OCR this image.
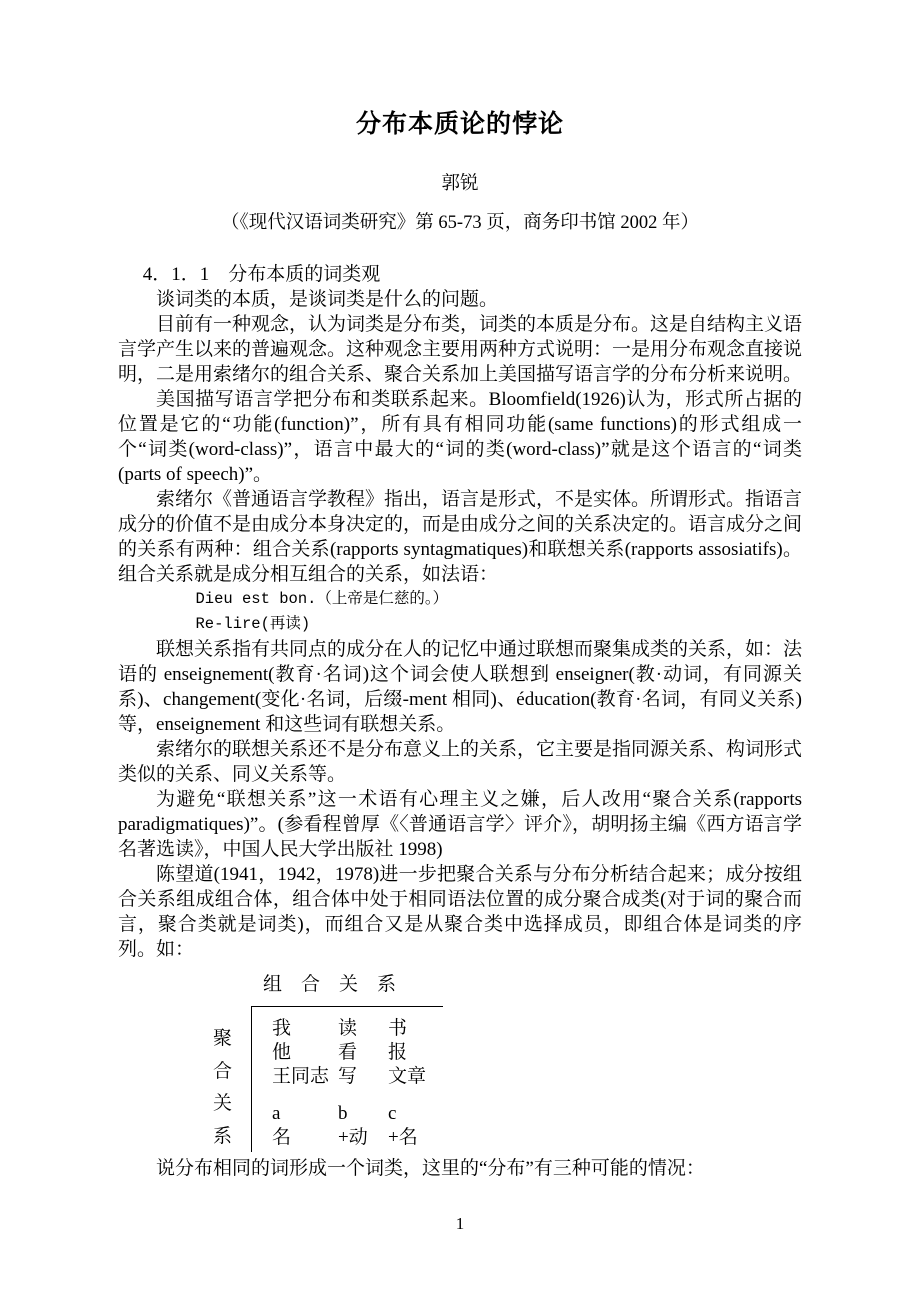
分布本质论的悖论
郭锐
（《现代汉语词类研究》第 65-73 页，商务印书馆 2002 年）
4．1．1　分布本质的词类观

谈词类的本质，是谈词类是什么的问题。

目前有一种观念，认为词类是分布类，词类的本质是分布。这是自结构主义语言学产生以来的普遍观念。这种观念主要用两种方式说明：一是用分布观念直接说明，二是用索绪尔的组合关系、聚合关系加上美国描写语言学的分布分析来说明。

美国描写语言学把分布和类联系起来。Bloomfield(1926)认为，形式所占据的位置是它的“功能(function)”，所有具有相同功能(same functions)的形式组成一个“词类(word-class)”，语言中最大的“词的类(word-class)”就是这个语言的“词类(parts of speech)”。

索绪尔《普通语言学教程》指出，语言是形式，不是实体。所谓形式。指语言成分的价值不是由成分本身决定的，而是由成分之间的关系决定的。语言成分之间的关系有两种：组合关系(rapports syntagmatiques)和联想关系(rapports assosiatifs)。组合关系就是成分相互组合的关系，如法语：

Dieu est bon.（上帝是仁慈的。）

Re-lire(再读)

联想关系指有共同点的成分在人的记忆中通过联想而聚集成类的关系，如：法语的 enseignement(教育·名词)这个词会使人联想到 enseigner(教·动词，有同源关系)、changement(变化·名词，后缀-ment 相同)、éducation(教育·名词，有同义关系)等，enseignement 和这些词有联想关系。

索绪尔的联想关系还不是分布意义上的关系，它主要是指同源关系、构词形式类似的关系、同义关系等。

为避免“联想关系”这一术语有心理主义之嫌，后人改用“聚合关系(rapports paradigmatiques)”。(参看程曾厚《〈普通语言学〉评介》，胡明扬主编《西方语言学名著选读》，中国人民大学出版社 1998)

陈望道(1941，1942，1978)进一步把聚合关系与分布分析结合起来；成分按组合关系组成组合体，组合体中处于相同语法位置的成分聚合成类(对于词的聚合而言，聚合类就是词类)，而组合又是从聚合类中选择成员，即组合体是词类的序列。如：

组　合　关　系
聚
合
关
系
我	读	书
他	看	报
王同志 写	文章
a	b	c
名	+动	+名

说分布相同的词形成一个词类，这里的“分布”有三种可能的情况：

1
